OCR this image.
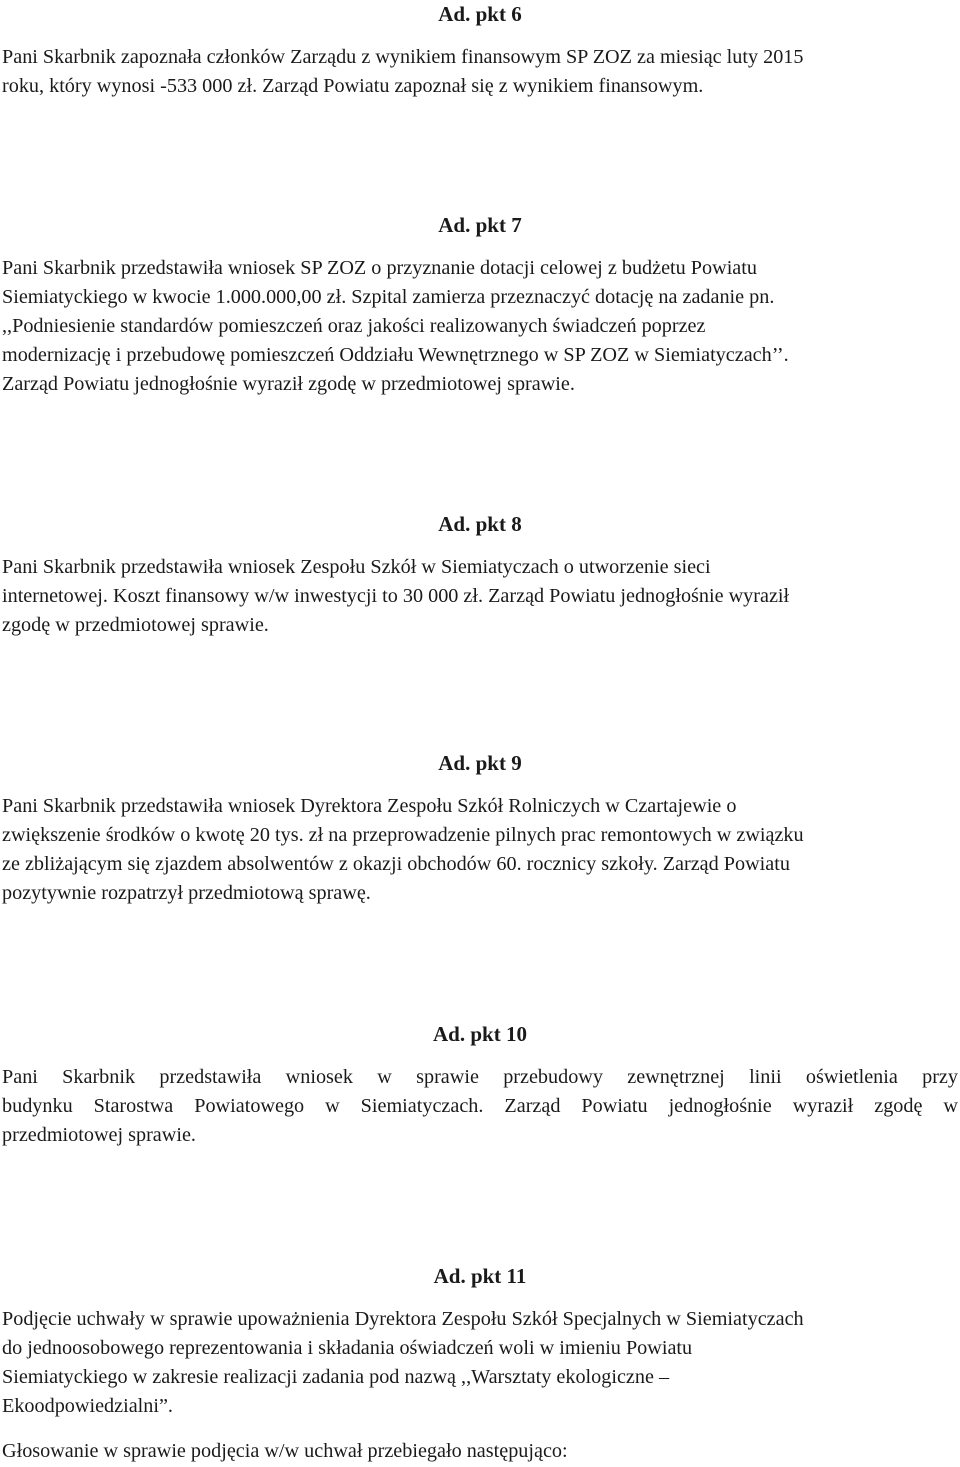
Ad. pkt 6

Pani Skarbnik zapoznała członków Zarządu z wynikiem finansowym SP ZOZ za miesiąc luty 2015
roku, który wynosi -533 000 zł. Zarząd Powiatu zapoznał się z wynikiem finansowym.

Ad. pkt 7

Pani Skarbnik przedstawiła wniosek SP ZOZ o przyznanie dotacji celowej z budżetu Powiatu
Siemiatyckiego w kwocie 1.000.000,00 zł. Szpital zamierza przeznaczyć dotację na zadanie pn.
,,Podniesienie standardów pomieszczeń oraz jakości realizowanych świadczeń poprzez
modernizację i przebudowę pomieszczeń Oddziału Wewnętrznego w SP ZOZ w Siemiatyczach’’.
Zarząd Powiatu jednogłośnie wyraził zgodę w przedmiotowej sprawie.

Ad. pkt 8

Pani Skarbnik przedstawiła wniosek Zespołu Szkół w Siemiatyczach o utworzenie sieci
internetowej. Koszt finansowy w/w inwestycji to 30 000 zł. Zarząd Powiatu jednogłośnie wyraził
zgodę w przedmiotowej sprawie.

Ad. pkt 9

Pani Skarbnik przedstawiła wniosek Dyrektora Zespołu Szkół Rolniczych w Czartajewie o
zwiększenie środków o kwotę 20 tys. zł na przeprowadzenie pilnych prac remontowych w związku
ze zbliżającym się zjazdem absolwentów z okazji obchodów 60. rocznicy szkoły. Zarząd Powiatu
pozytywnie rozpatrzył przedmiotową sprawę.

Ad. pkt 10

Pani Skarbnik przedstawiła wniosek w sprawie przebudowy zewnętrznej linii oświetlenia przy
budynku Starostwa Powiatowego w Siemiatyczach. Zarząd Powiatu jednogłośnie wyraził zgodę w
przedmiotowej sprawie.

Ad. pkt 11

Podjęcie uchwały w sprawie upoważnienia Dyrektora Zespołu Szkół Specjalnych w Siemiatyczach
do jednoosobowego reprezentowania i składania oświadczeń woli w imieniu Powiatu
Siemiatyckiego w zakresie realizacji zadania pod nazwą ,,Warsztaty ekologiczne –
Ekoodpowiedzialni”.

Głosowanie w sprawie podjęcia w/w uchwał przebiegało następująco:
